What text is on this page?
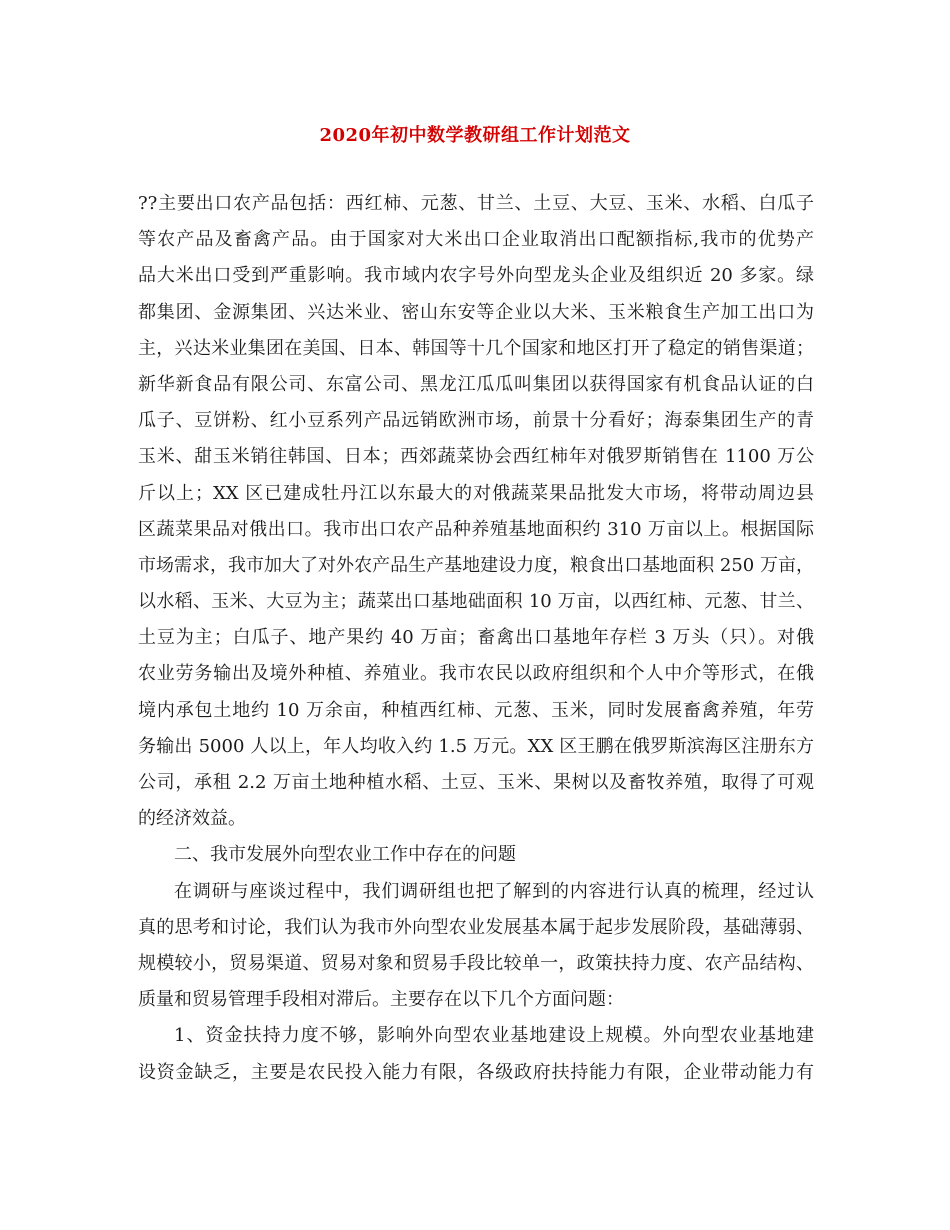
2020年初中数学教研组工作计划范文
??主要出口农产品包括：西红柿、元葱、甘兰、土豆、大豆、玉米、水稻、白瓜子
等农产品及畜禽产品。由于国家对大米出口企业取消出口配额指标,我市的优势产
品大米出口受到严重影响。我市域内农字号外向型龙头企业及组织近 20 多家。绿
都集团、金源集团、兴达米业、密山东安等企业以大米、玉米粮食生产加工出口为
主，兴达米业集团在美国、日本、韩国等十几个国家和地区打开了稳定的销售渠道；
新华新食品有限公司、东富公司、黑龙江瓜瓜叫集团以获得国家有机食品认证的白
瓜子、豆饼粉、红小豆系列产品远销欧洲市场，前景十分看好；海泰集团生产的青
玉米、甜玉米销往韩国、日本；西郊蔬菜协会西红柿年对俄罗斯销售在 1100 万公
斤以上；XX 区已建成牡丹江以东最大的对俄蔬菜果品批发大市场，将带动周边县
区蔬菜果品对俄出口。我市出口农产品种养殖基地面积约 310 万亩以上。根据国际
市场需求，我市加大了对外农产品生产基地建设力度，粮食出口基地面积 250 万亩，
以水稻、玉米、大豆为主；蔬菜出口基地础面积 10 万亩，以西红柿、元葱、甘兰、
土豆为主；白瓜子、地产果约 40 万亩；畜禽出口基地年存栏 3 万头（只）。对俄
农业劳务输出及境外种植、养殖业。我市农民以政府组织和个人中介等形式，在俄
境内承包土地约 10 万余亩，种植西红柿、元葱、玉米，同时发展畜禽养殖，年劳
务输出 5000 人以上，年人均收入约 1.5 万元。XX 区王鹏在俄罗斯滨海区注册东方
公司，承租 2.2 万亩土地种植水稻、土豆、玉米、果树以及畜牧养殖，取得了可观
的经济效益。
二、我市发展外向型农业工作中存在的问题
在调研与座谈过程中，我们调研组也把了解到的内容进行认真的梳理，经过认
真的思考和讨论，我们认为我市外向型农业发展基本属于起步发展阶段，基础薄弱、
规模较小，贸易渠道、贸易对象和贸易手段比较单一，政策扶持力度、农产品结构、
质量和贸易管理手段相对滞后。主要存在以下几个方面问题：
1、资金扶持力度不够，影响外向型农业基地建设上规模。外向型农业基地建
设资金缺乏，主要是农民投入能力有限，各级政府扶持能力有限，企业带动能力有
